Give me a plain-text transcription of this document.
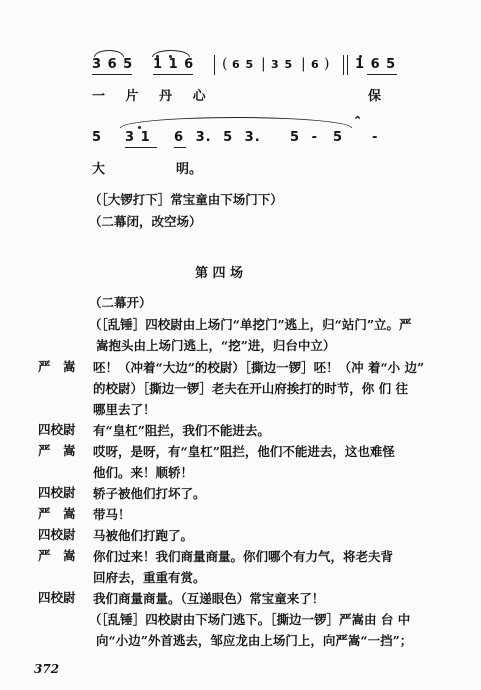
3 6 5 1 1 6 ( 6 5 | 3 5 | 6 ) 1 6 5
一 片 丹 心	保
⌃
5 3 1 6 3. 5 3. 5 - 5 -
大	明。
（［大锣打下］常宝童由下场门下）
（二幕闭，改空场）
第 四 场
（二幕开）
（［乱锤］四校尉由上场门“单挖门”逃上，归“站门”立。严
嵩抱头由上场门逃上，“挖”进，归台中立）
严　嵩	呸！（冲着“大边”的校尉）［撕边一锣］呸！（冲 着“小 边”
的校尉）［撕边一锣］老夫在开山府挨打的时节，你 们 往
哪里去了！
四校尉	有“皇杠”阻拦，我们不能进去。
严　嵩	哎呀，是呀，有“皇杠”阻拦，他们不能进去，这也难怪
他们。来！顺轿！
四校尉	轿子被他们打坏了。
严　嵩	带马！
四校尉	马被他们打跑了。
严　嵩	你们过来！我们商量商量。你们哪个有力气，将老夫背
回府去，重重有赏。
四校尉	我们商量商量。（互递眼色）常宝童来了！
（［乱锤］四校尉由下场门逃下。［撕边一锣］严嵩由 台 中
向“小边”外首逃去，邹应龙由上场门上，向严嵩“一挡”；
372
